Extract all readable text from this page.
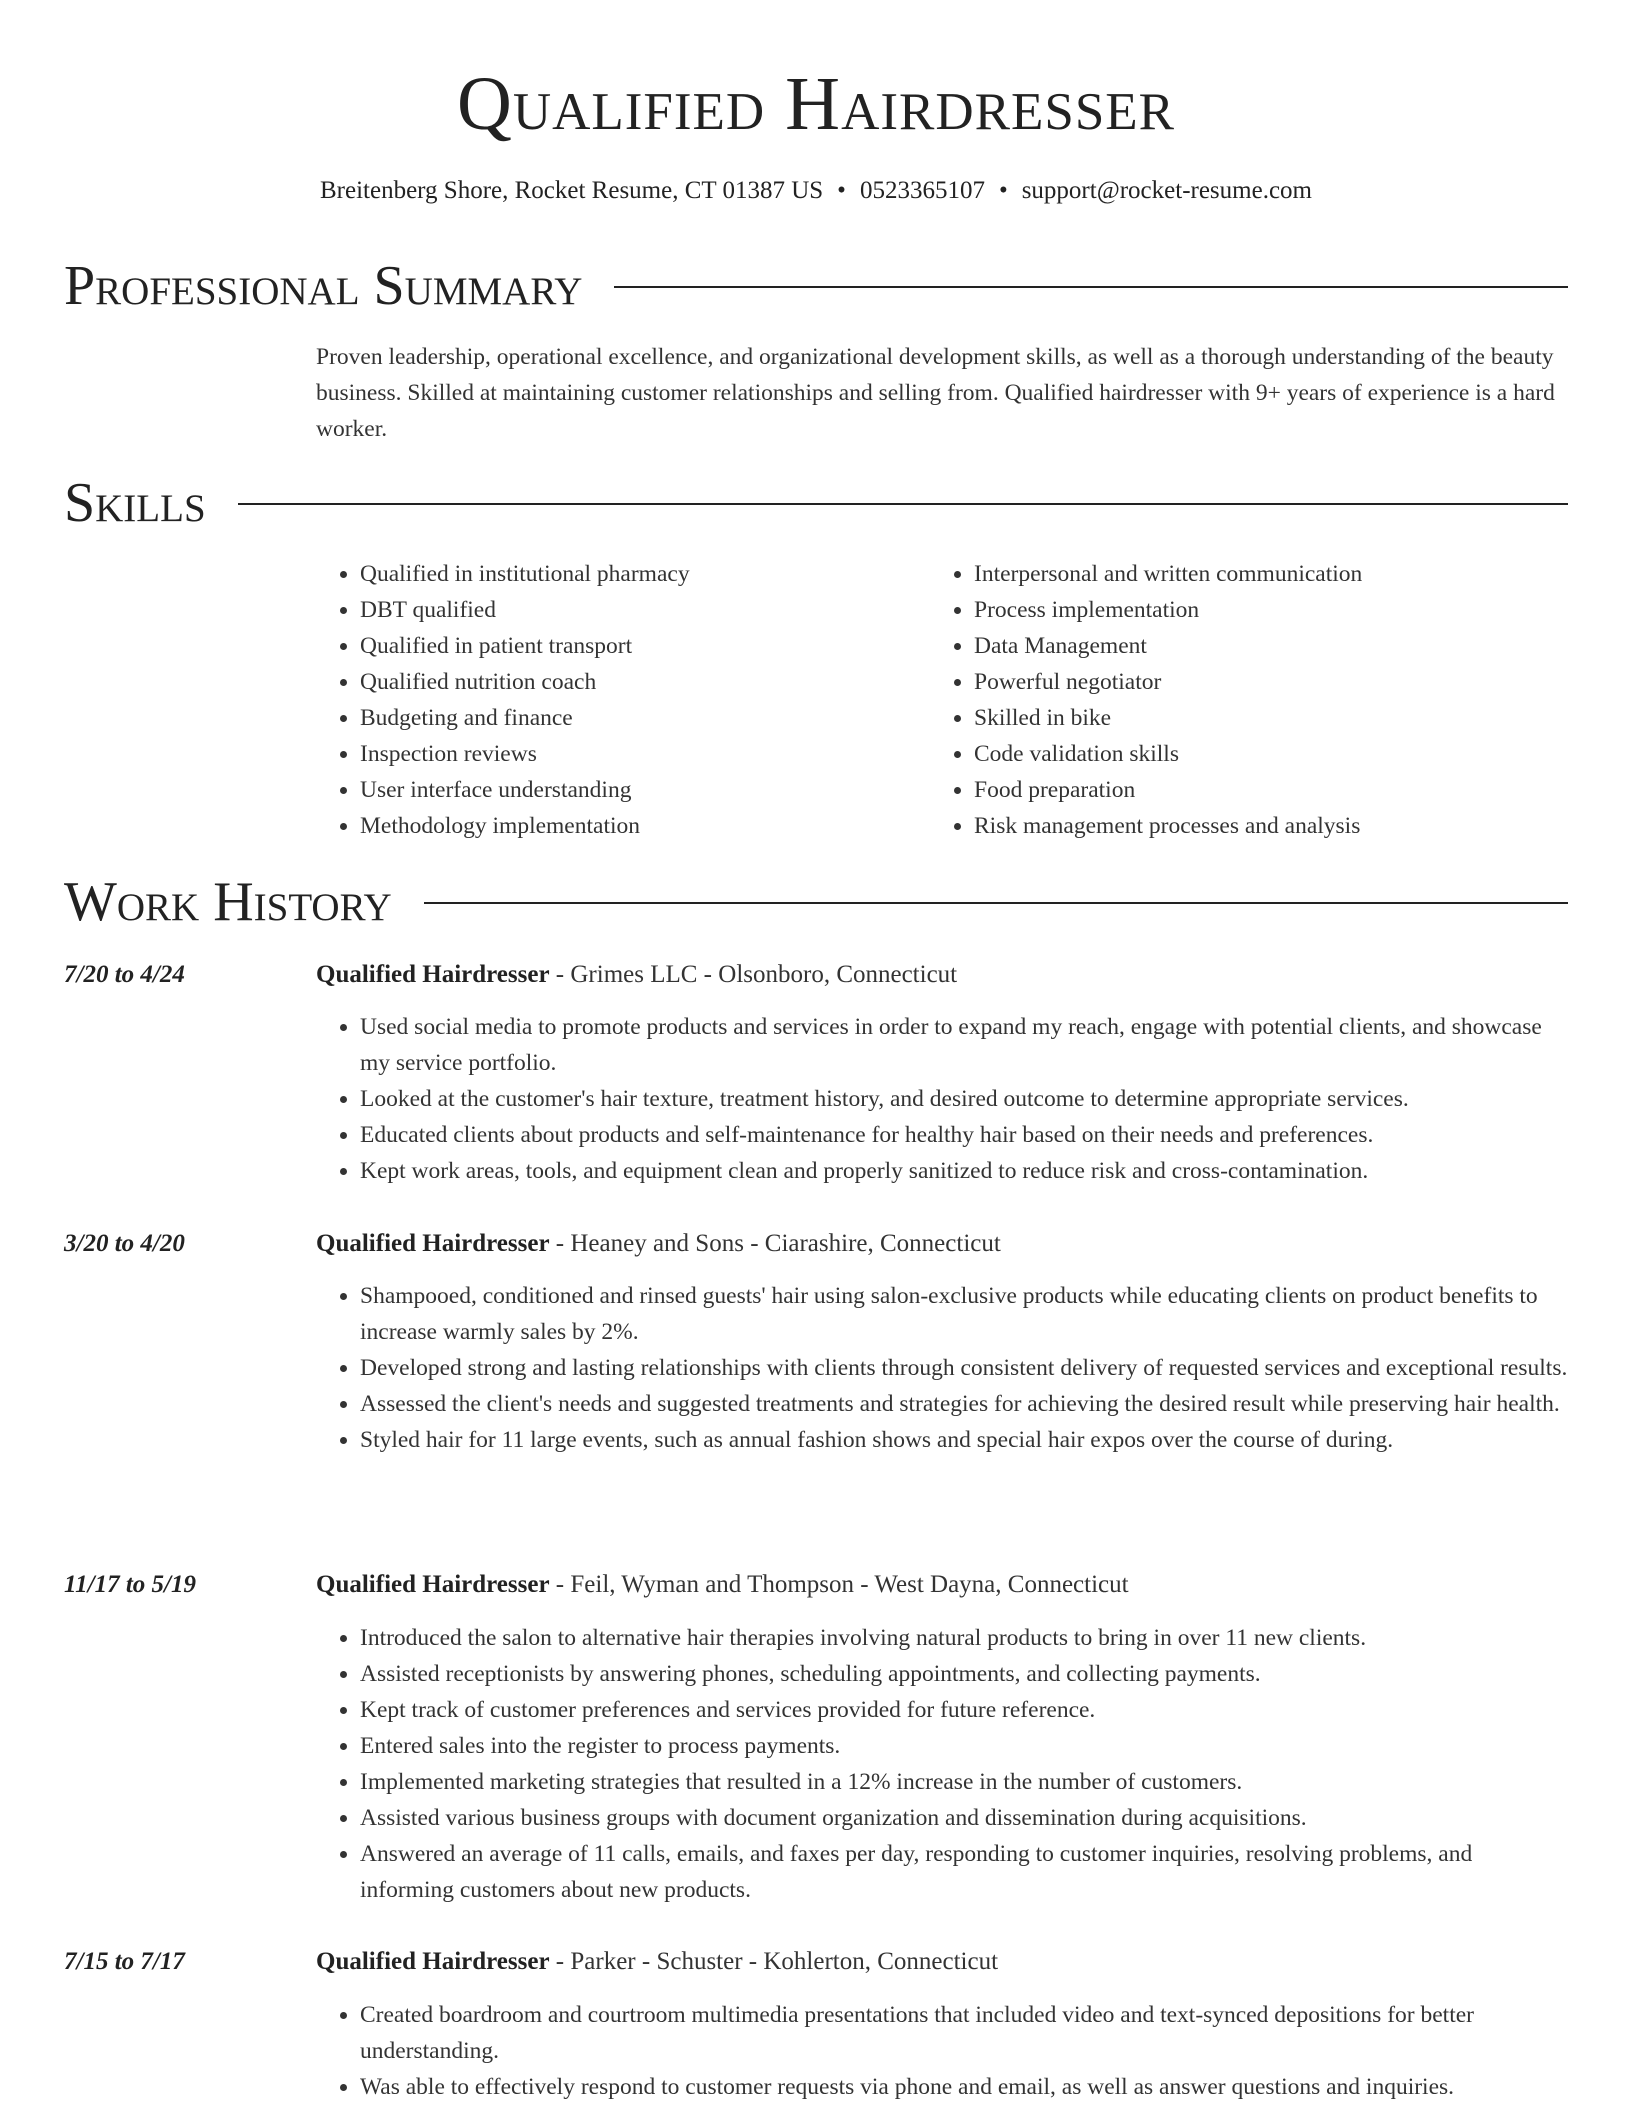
Qualified Hairdresser
Breitenberg Shore, Rocket Resume, CT 01387 US • 0523365107 • support@rocket-resume.com
Professional Summary
Proven leadership, operational excellence, and organizational development skills, as well as a thorough understanding of the beauty business. Skilled at maintaining customer relationships and selling from. Qualified hairdresser with 9+ years of experience is a hard worker.
Skills
• Qualified in institutional pharmacy
• DBT qualified
• Qualified in patient transport
• Qualified nutrition coach
• Budgeting and finance
• Inspection reviews
• User interface understanding
• Methodology implementation
• Interpersonal and written communication
• Process implementation
• Data Management
• Powerful negotiator
• Skilled in bike
• Code validation skills
• Food preparation
• Risk management processes and analysis
Work History
7/20 to 4/24	Qualified Hairdresser - Grimes LLC - Olsonboro, Connecticut
• Used social media to promote products and services in order to expand my reach, engage with potential clients, and showcase my service portfolio.
• Looked at the customer's hair texture, treatment history, and desired outcome to determine appropriate services.
• Educated clients about products and self-maintenance for healthy hair based on their needs and preferences.
• Kept work areas, tools, and equipment clean and properly sanitized to reduce risk and cross-contamination.
3/20 to 4/20	Qualified Hairdresser - Heaney and Sons - Ciarashire, Connecticut
• Shampooed, conditioned and rinsed guests' hair using salon-exclusive products while educating clients on product benefits to increase warmly sales by 2%.
• Developed strong and lasting relationships with clients through consistent delivery of requested services and exceptional results.
• Assessed the client's needs and suggested treatments and strategies for achieving the desired result while preserving hair health.
• Styled hair for 11 large events, such as annual fashion shows and special hair expos over the course of during.
11/17 to 5/19	Qualified Hairdresser - Feil, Wyman and Thompson - West Dayna, Connecticut
• Introduced the salon to alternative hair therapies involving natural products to bring in over 11 new clients.
• Assisted receptionists by answering phones, scheduling appointments, and collecting payments.
• Kept track of customer preferences and services provided for future reference.
• Entered sales into the register to process payments.
• Implemented marketing strategies that resulted in a 12% increase in the number of customers.
• Assisted various business groups with document organization and dissemination during acquisitions.
• Answered an average of 11 calls, emails, and faxes per day, responding to customer inquiries, resolving problems, and informing customers about new products.
7/15 to 7/17	Qualified Hairdresser - Parker - Schuster - Kohlerton, Connecticut
• Created boardroom and courtroom multimedia presentations that included video and text-synced depositions for better understanding.
• Was able to effectively respond to customer requests via phone and email, as well as answer questions and inquiries.
